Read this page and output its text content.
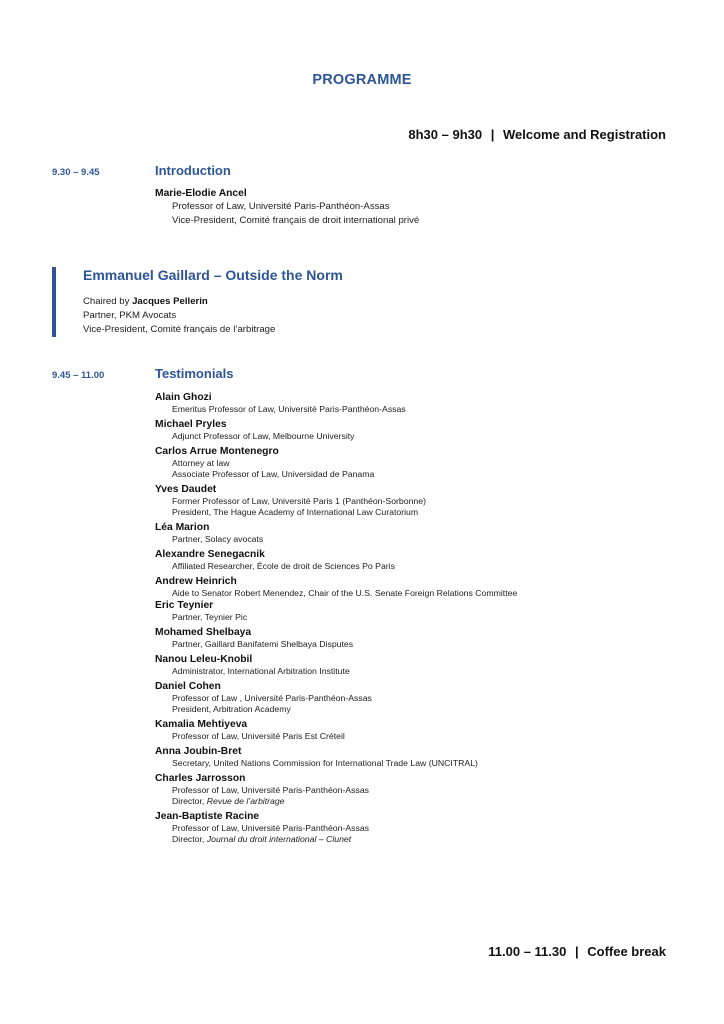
PROGRAMME
8h30 – 9h30 | Welcome and Registration
9.30 – 9.45	Introduction
Marie-Elodie Ancel
Professor of Law, Université Paris-Panthéon-Assas
Vice-President, Comité français de droit international privé
Emmanuel Gaillard – Outside the Norm
Chaired by Jacques Pellerin
Partner, PKM Avocats
Vice-President, Comité français de l’arbitrage
9.45 – 11.00	Testimonials
Alain Ghozi
Emeritus Professor of Law, Université Paris-Panthéon-Assas
Michael Pryles
Adjunct Professor of Law, Melbourne University
Carlos Arrue Montenegro
Attorney at law
Associate Professor of Law, Universidad de Panama
Yves Daudet
Former Professor of Law, Université Paris 1 (Panthéon-Sorbonne)
President, The Hague Academy of International Law Curatorium
Léa Marion
Partner, Solacy avocats
Alexandre Senegacnik
Affiliated Researcher, École de droit de Sciences Po Paris
Andrew Heinrich
Aide to Senator Robert Menendez, Chair of the U.S. Senate Foreign Relations Committee
Eric Teynier
Partner, Teynier Pic
Mohamed Shelbaya
Partner, Gaillard Banifatemi Shelbaya Disputes
Nanou Leleu-Knobil
Administrator, International Arbitration Institute
Daniel Cohen
Professor of Law , Université Paris-Panthéon-Assas
President, Arbitration Academy
Kamalia Mehtiyeva
Professor of Law, Université Paris Est Créteil
Anna Joubin-Bret
Secretary, United Nations Commission for International Trade Law (UNCITRAL)
Charles Jarrosson
Professor of Law, Université Paris-Panthéon-Assas
Director, Revue de l’arbitrage
Jean-Baptiste Racine
Professor of Law, Université Paris-Panthéon-Assas
Director, Journal du droit international – Clunet
11.00 – 11.30 | Coffee break
